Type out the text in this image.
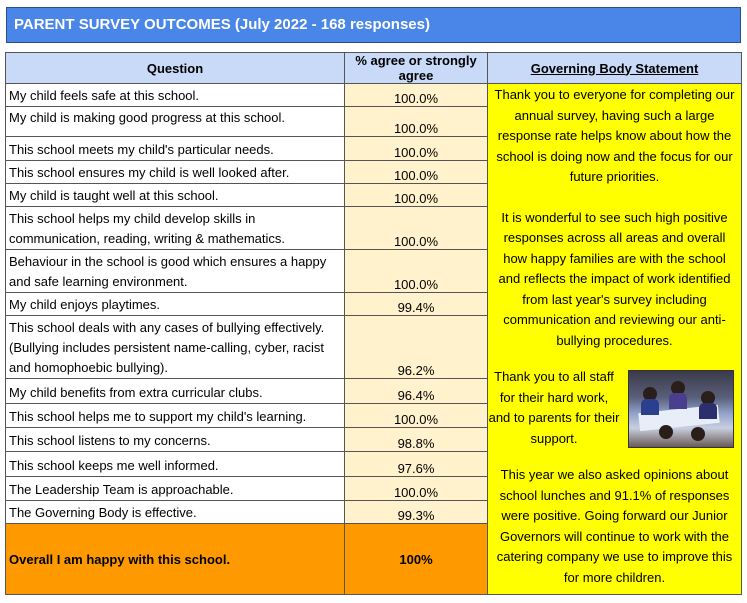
PARENT SURVEY OUTCOMES (July 2022 - 168 responses)
Question	% agree or strongly agree	Governing Body Statement
My child feels safe at this school.	100.0%	Thank you to everyone for completing our annual survey, having such a large response rate helps know about how the school is doing now and the focus for our future priorities.

It is wonderful to see such high positive responses across all areas and overall how happy families are with the school and reflects the impact of work identified from last year's survey including communication and reviewing our anti-bullying procedures.

Thank you to all staff for their hard work, and to parents for their support.

This year we also asked opinions about school lunches and 91.1% of responses were positive. Going forward our Junior Governors will continue to work with the catering company we use to improve this for more children.

My child is making good progress at this school.	100.0%	
This school meets my child's particular needs.	100.0%	
This school ensures my child is well looked after.	100.0%	
My child is taught well at this school.	100.0%	
This school helps my child develop skills in communication, reading, writing & mathematics.	100.0%	
Behaviour in the school is good which ensures a happy and safe learning environment.	100.0%	
My child enjoys playtimes.	99.4%	
This school deals with any cases of bullying effectively. (Bullying includes persistent name-calling, cyber, racist and homophoebic bullying).	96.2%	
My child benefits from extra curricular clubs.	96.4%	
This school helps me to support my child's learning.	100.0%	
This school listens to my concerns.	98.8%	
This school keeps me well informed.	97.6%	
The Leadership Team is approachable.	100.0%	
The Governing Body is effective.	99.3%	
Overall I am happy with this school.	100%	
